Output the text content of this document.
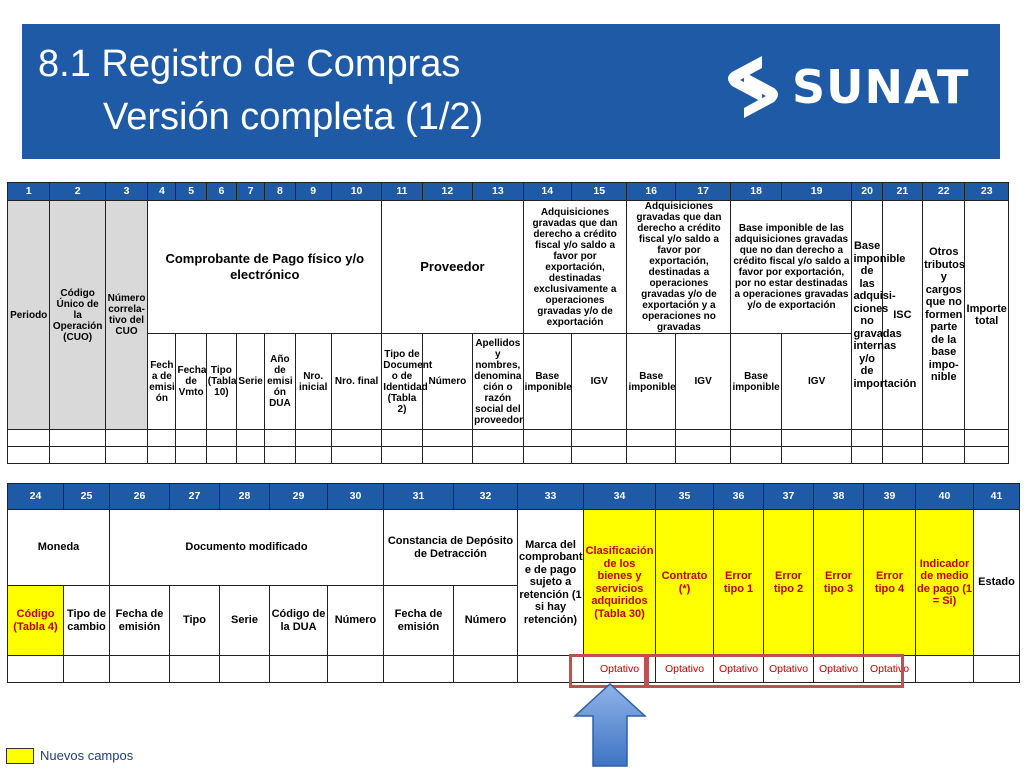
8.1 Registro de Compras
Versión completa (1/2)
SUNAT
1	2	3	4	5	6	7	8	9	10	11	12	13	14	15	16	17	18	19	20	21	22	23
Periodo	Código Único de la Operación (CUO)	Número correla-tivo del CUO	Comprobante de Pago físico y/o electrónico							Proveedor			Adquisiciones gravadas que dan derecho a crédito fiscal y/o saldo a favor por exportación, destinadas exclusivamente a operaciones gravadas y/o de exportación		Adquisiciones gravadas que dan derecho a crédito fiscal y/o saldo a favor por exportación, destinadas a operaciones gravadas y/o de exportación y a operaciones no gravadas		Base imponible de las adquisiciones gravadas que no dan derecho a crédito fiscal y/o saldo a favor por exportación, por no estar destinadas a operaciones gravadas y/o de exportación		Base imponible de las adquisi-ciones no gravadas internas y/o de importación	ISC	Otros tributos y cargos que no formen parte de la base impo-nible	Importe total
			Fech a de emisi ón	Fecha de Vmto	Tipo (Tabla 10)	Serie	Año de emisi ón DUA	Nro. inicial	Nro. final	Tipo de Document o de Identidad (Tabla 2)	Número	Apellidos y nombres, denomina ción o razón social del proveedor	Base imponible	IGV	Base imponible	IGV	Base imponible	IGV				

24	25	26	27	28	29	30	31	32	33	34	35	36	37	38	39	40	41
Moneda		Documento modificado					Constancia de Depósito de Detracción		Marca del comprobant e de pago sujeto a retención (1 si hay retención)	Clasificación de los bienes y servicios adquiridos (Tabla 30)	Contrato (*)	Error tipo 1	Error tipo 2	Error tipo 3	Error tipo 4	Indicador de medio de pago (1 = Si)	Estado
Código (Tabla 4)	Tipo de cambio	Fecha de emisión	Tipo	Serie	Código de la DUA	Número	Fecha de emisión	Número									
										Optativo	Optativo	Optativo	Optativo	Optativo	Optativo		
Nuevos campos
